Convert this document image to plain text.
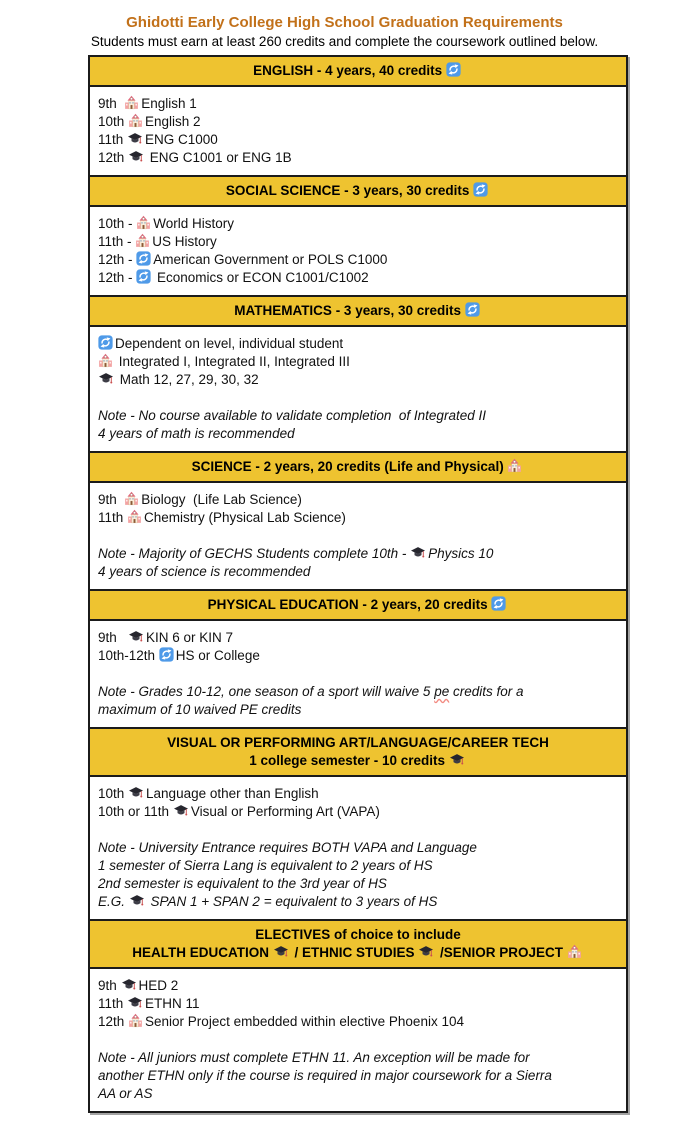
Ghidotti Early College High School Graduation Requirements
Students must earn at least 260 credits and complete the coursework outlined below.
ENGLISH - 4 years, 40 credits
9th  English 1
10th English 2
11th ENG C1000
12th  ENG C1001 or ENG 1B
SOCIAL SCIENCE - 3 years, 30 credits
10th - World History
11th - US History
12th - American Government or POLS C1000
12th -  Economics or ECON C1001/C1002
MATHEMATICS - 3 years, 30 credits
Dependent on level, individual student
Integrated I, Integrated II, Integrated III
Math 12, 27, 29, 30, 32
Note - No course available to validate completion  of Integrated II
4 years of math is recommended
SCIENCE - 2 years, 20 credits (Life and Physical)
9th  Biology  (Life Lab Science)
11th Chemistry (Physical Lab Science)
Note - Majority of GECHS Students complete 10th - Physics 10
4 years of science is recommended
PHYSICAL EDUCATION - 2 years, 20 credits
9th   KIN 6 or KIN 7
10th-12th HS or College
Note - Grades 10-12, one season of a sport will waive 5 pe credits for a
maximum of 10 waived PE credits
VISUAL OR PERFORMING ART/LANGUAGE/CAREER TECH
1 college semester - 10 credits
10th Language other than English
10th or 11th Visual or Performing Art (VAPA)
Note - University Entrance requires BOTH VAPA and Language
1 semester of Sierra Lang is equivalent to 2 years of HS
2nd semester is equivalent to the 3rd year of HS
E.G.  SPAN 1 + SPAN 2 = equivalent to 3 years of HS
ELECTIVES of choice to include
HEALTH EDUCATION  / ETHNIC STUDIES  /SENIOR PROJECT
9th HED 2
11th ETHN 11
12th Senior Project embedded within elective Phoenix 104
Note - All juniors must complete ETHN 11. An exception will be made for
another ETHN only if the course is required in major coursework for a Sierra
AA or AS
